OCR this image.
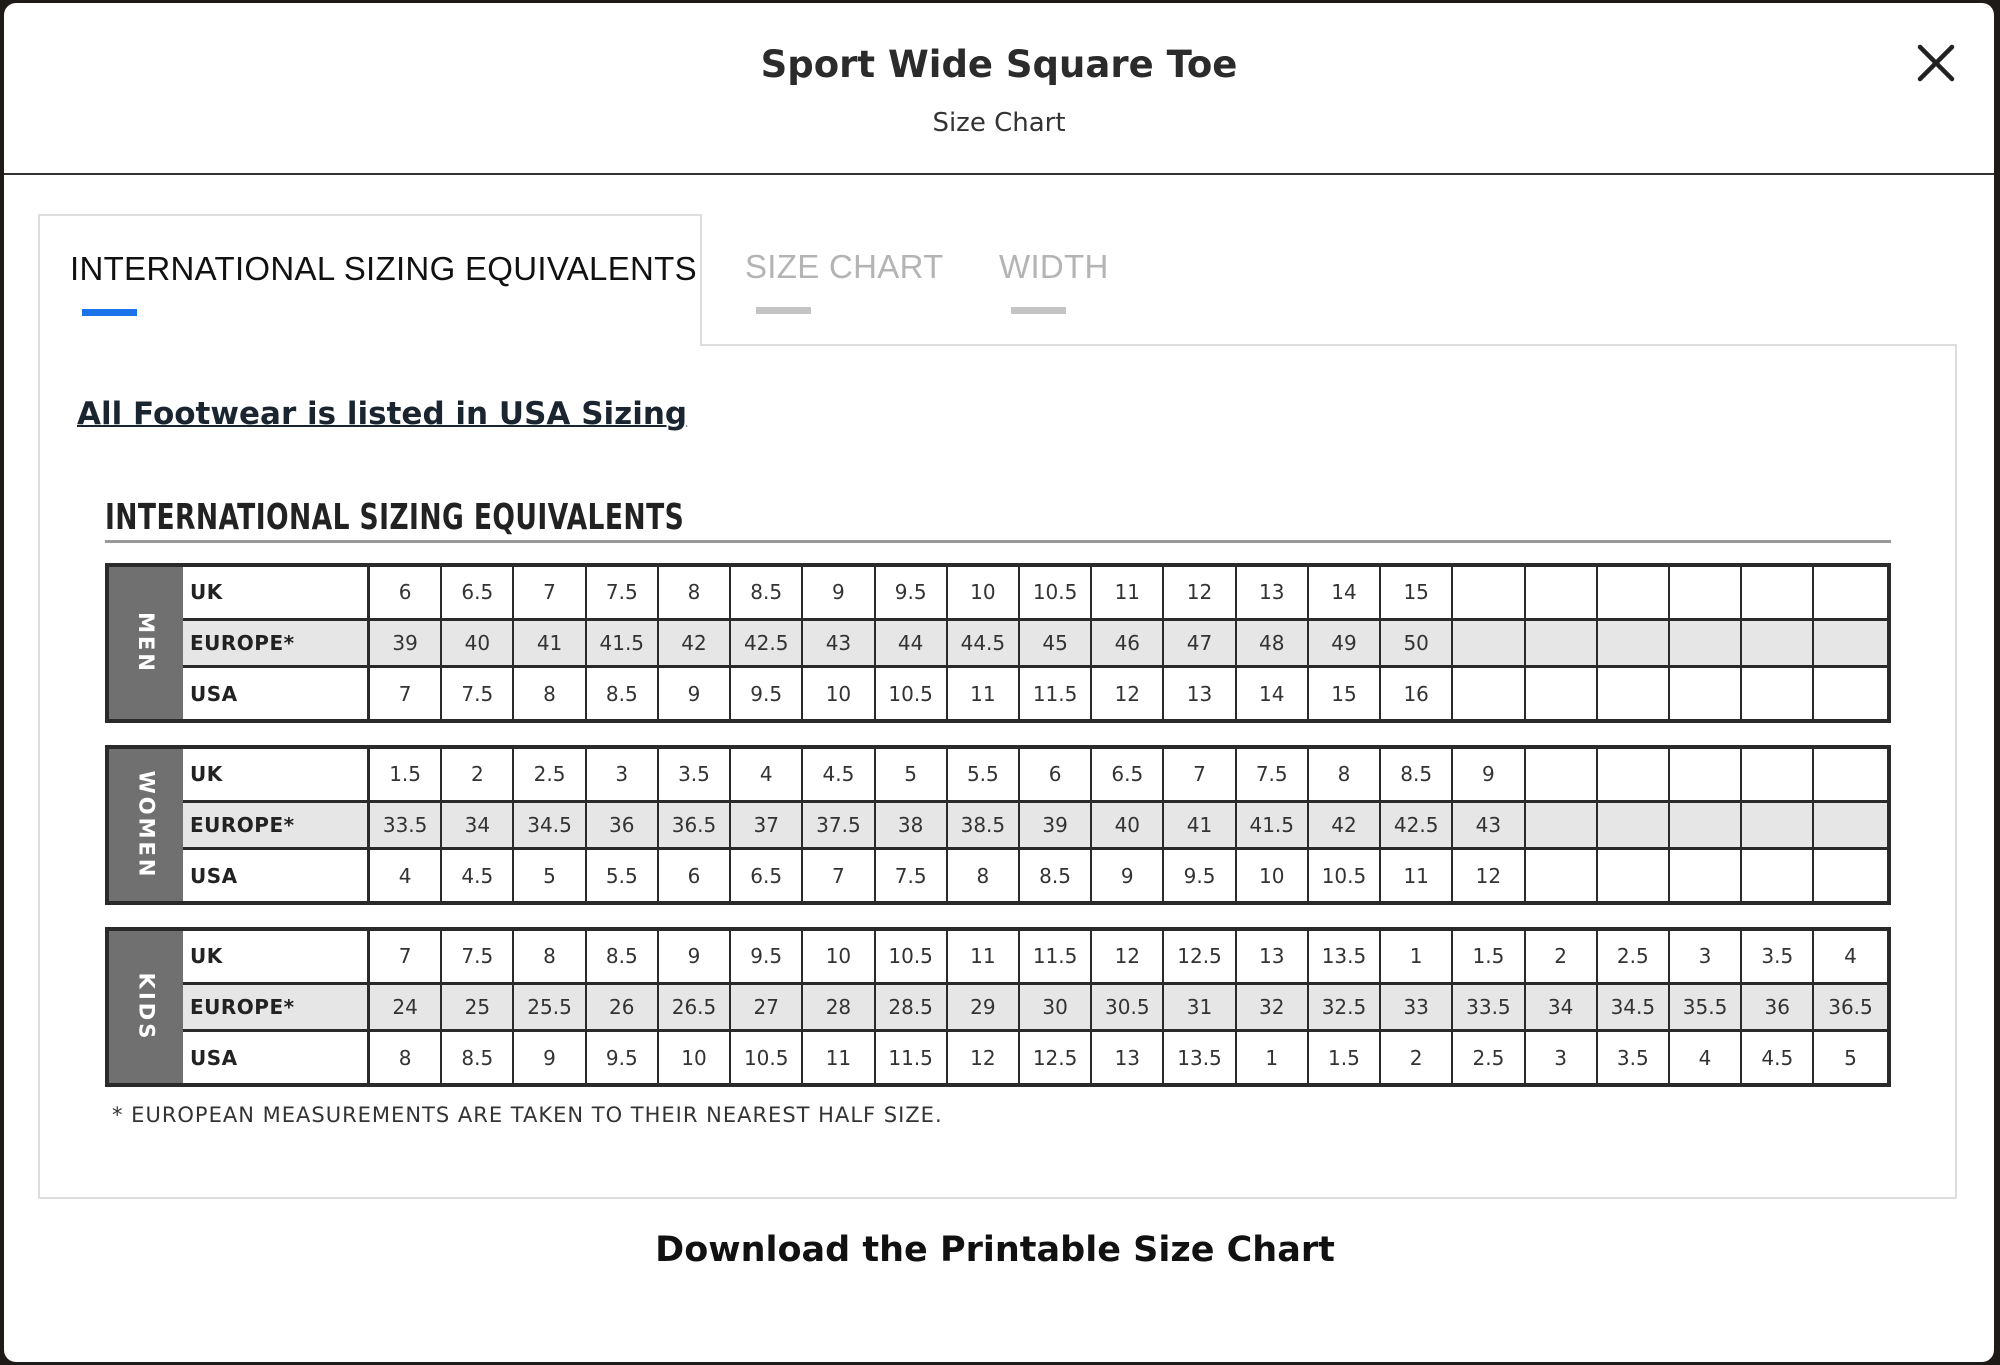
Sport Wide Square Toe
Size Chart
INTERNATIONAL SIZING EQUIVALENTS SIZE CHART WIDTH
All Footwear is listed in USA Sizing
INTERNATIONAL SIZING EQUIVALENTS
MEN
UK	6	6.5	7	7.5	8	8.5	9	9.5	10	10.5	11	12	13	14	15
EUROPE*	39	40	41	41.5	42	42.5	43	44	44.5	45	46	47	48	49	50
USA	7	7.5	8	8.5	9	9.5	10	10.5	11	11.5	12	13	14	15	16
WOMEN	UK	1.5	2	2.5	3	3.5	4	4.5	5	5.5	6	6.5	7	7.5	8	8.5	9
EUROPE*	33.5	34	34.5	36	36.5	37	37.5	38	38.5	39	40	41	41.5	42	42.5	43
USA	4	4.5	5	5.5	6	6.5	7	7.5	8	8.5	9	9.5	10	10.5	11	12
KIDS
UK	7	7.5	8	8.5	9	9.5	10	10.5	11	11.5	12	12.5	13	13.5	1	1.5	2	2.5	3	3.5	4
EUROPE*	24	25	25.5	26	26.5	27	28	28.5	29	30	30.5	31	32	32.5	33	33.5	34	34.5	35.5	36	36.5
USA	8	8.5	9	9.5	10	10.5	11	11.5	12	12.5	13	13.5	1	1.5	2	2.5	3	3.5	4	4.5	5
* EUROPEAN MEASUREMENTS ARE TAKEN TO THEIR NEAREST HALF SIZE.
Download the Printable Size Chart
